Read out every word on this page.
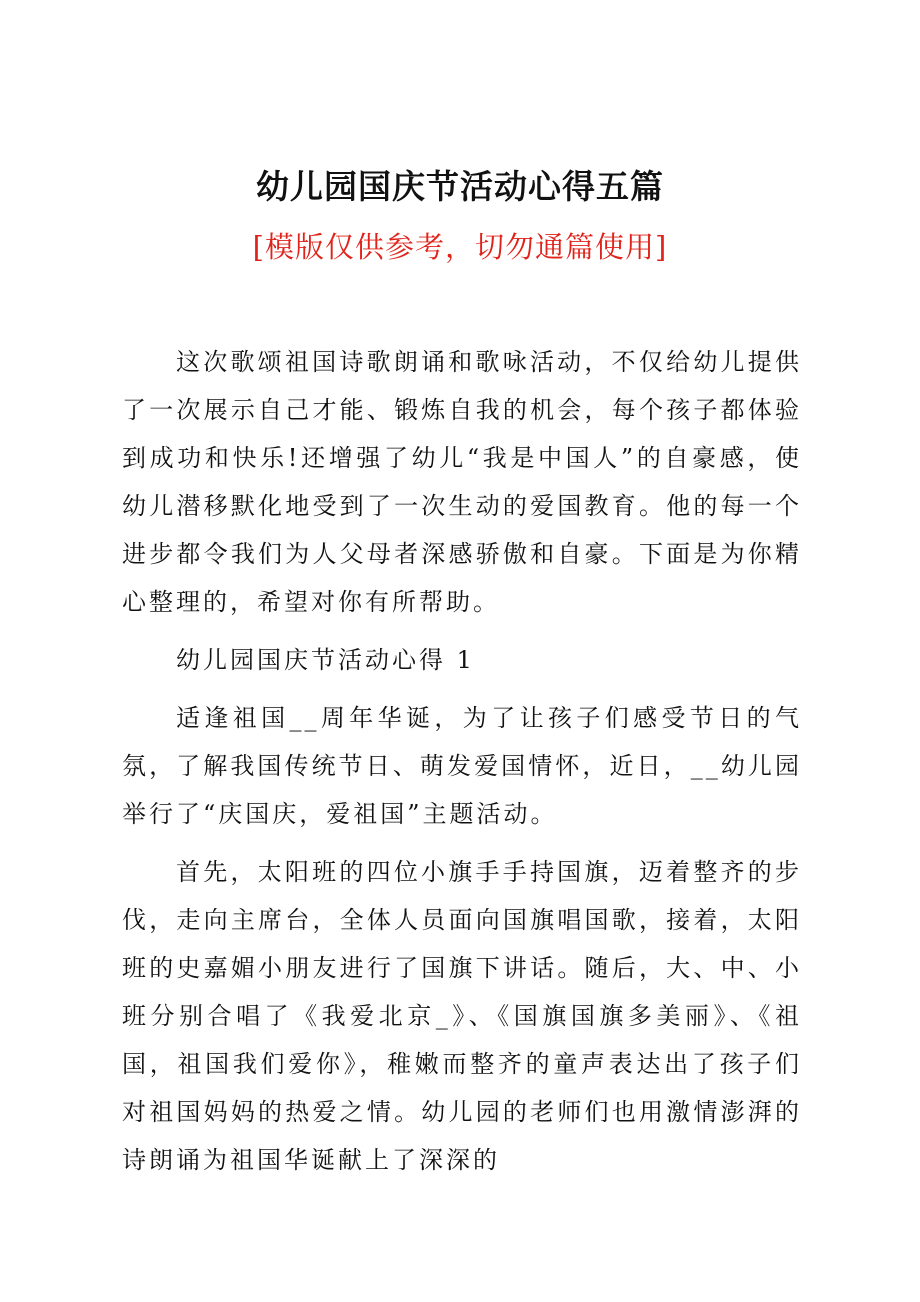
幼儿园国庆节活动心得五篇
[模版仅供参考，切勿通篇使用]

这次歌颂祖国诗歌朗诵和歌咏活动，不仅给幼儿提供了一次展示自己才能、锻炼自我的机会，每个孩子都体验到成功和快乐!还增强了幼儿“我是中国人”的自豪感，使幼儿潜移默化地受到了一次生动的爱国教育。他的每一个进步都令我们为人父母者深感骄傲和自豪。下面是为你精心整理的，希望对你有所帮助。

幼儿园国庆节活动心得 1

适逢祖国__周年华诞，为了让孩子们感受节日的气氛，了解我国传统节日、萌发爱国情怀，近日，__幼儿园举行了“庆国庆，爱祖国”主题活动。

首先，太阳班的四位小旗手手持国旗，迈着整齐的步伐，走向主席台，全体人员面向国旗唱国歌，接着，太阳班的史嘉媚小朋友进行了国旗下讲话。随后，大、中、小班分别合唱了《我爱北京_》、《国旗国旗多美丽》、《祖国，祖国我们爱你》，稚嫩而整齐的童声表达出了孩子们对祖国妈妈的热爱之情。幼儿园的老师们也用激情澎湃的诗朗诵为祖国华诞献上了深深的
